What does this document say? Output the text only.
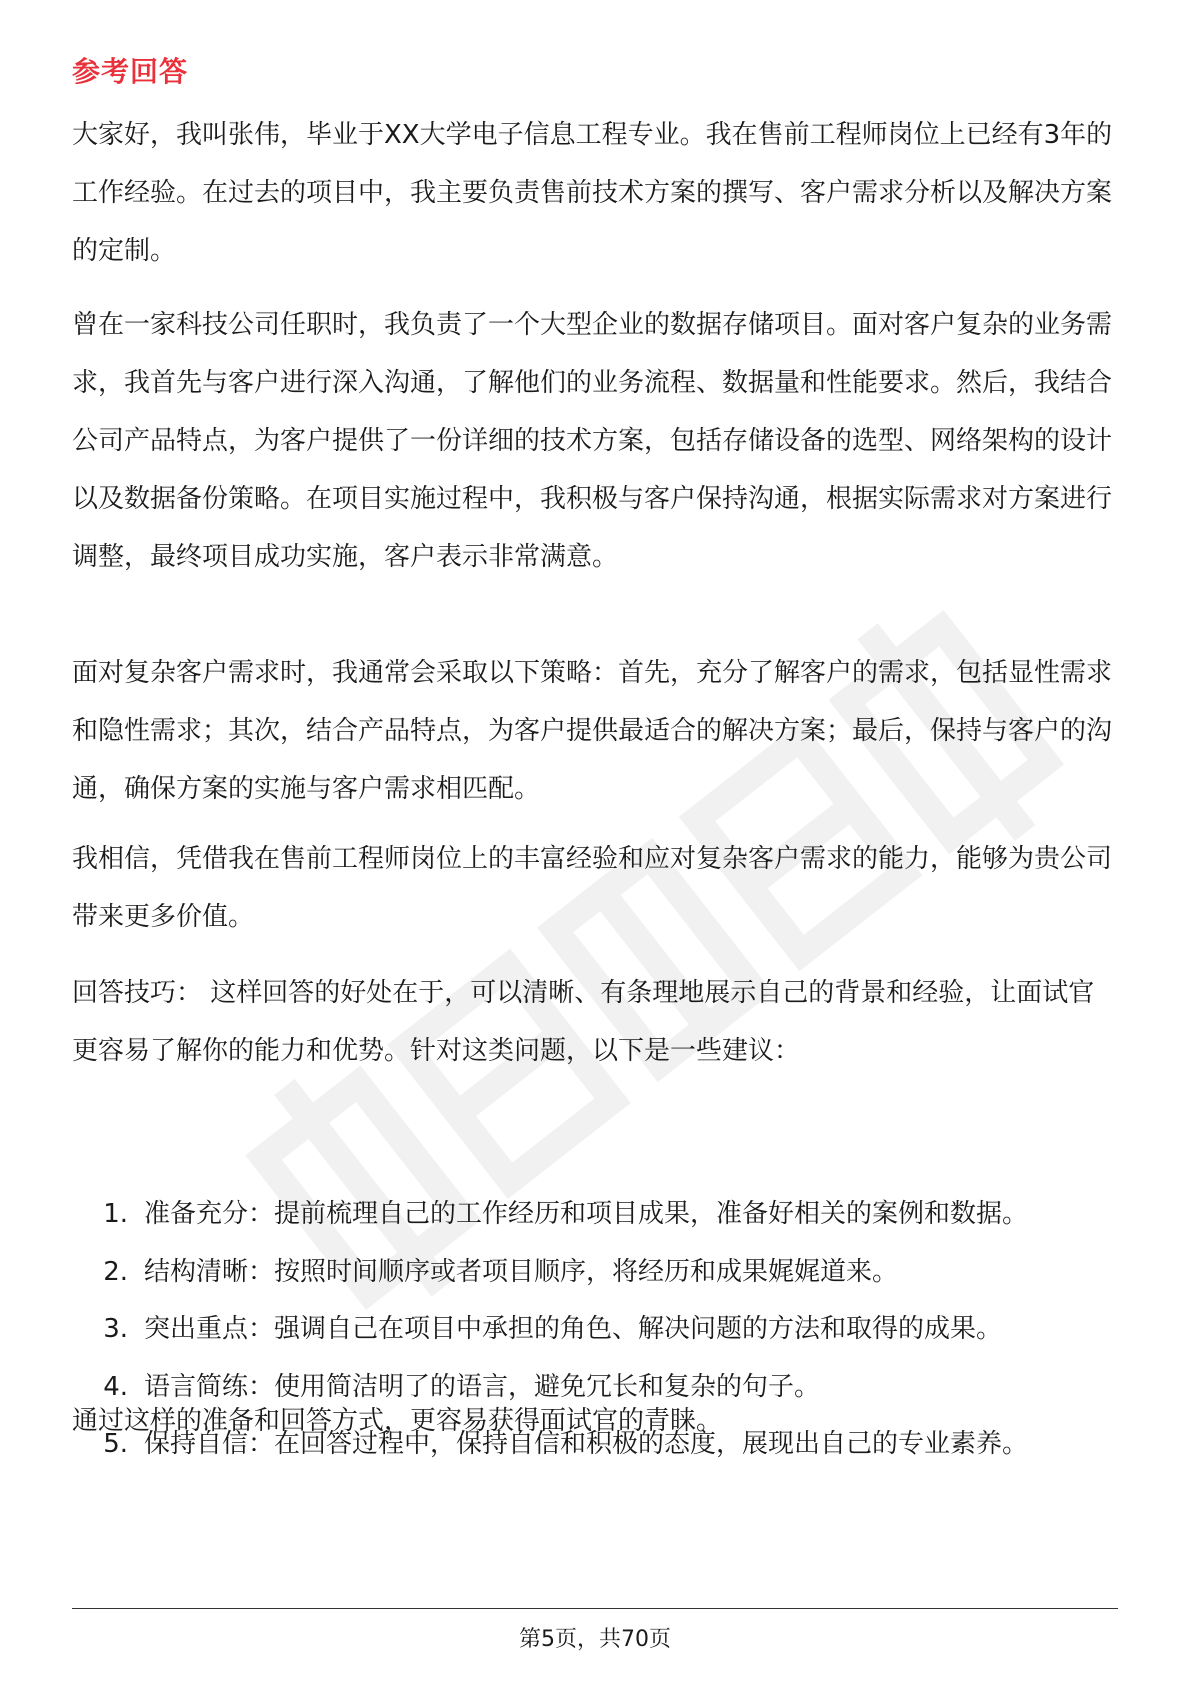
参考回答

大家好，我叫张伟，毕业于XX大学电子信息工程专业。我在售前工程师岗位上已经有3年的工作经验。在过去的项目中，我主要负责售前技术方案的撰写、客户需求分析以及解决方案的定制。

曾在一家科技公司任职时，我负责了一个大型企业的数据存储项目。面对客户复杂的业务需求，我首先与客户进行深入沟通，了解他们的业务流程、数据量和性能要求。然后，我结合公司产品特点，为客户提供了一份详细的技术方案，包括存储设备的选型、网络架构的设计以及数据备份策略。在项目实施过程中，我积极与客户保持沟通，根据实际需求对方案进行调整，最终项目成功实施，客户表示非常满意。

面对复杂客户需求时，我通常会采取以下策略：首先，充分了解客户的需求，包括显性需求和隐性需求；其次，结合产品特点，为客户提供最适合的解决方案；最后，保持与客户的沟通，确保方案的实施与客户需求相匹配。

我相信，凭借我在售前工程师岗位上的丰富经验和应对复杂客户需求的能力，能够为贵公司带来更多价值。

回答技巧： 这样回答的好处在于，可以清晰、有条理地展示自己的背景和经验，让面试官更容易了解你的能力和优势。针对这类问题，以下是一些建议：

1. 准备充分：提前梳理自己的工作经历和项目成果，准备好相关的案例和数据。
2. 结构清晰：按照时间顺序或者项目顺序，将经历和成果娓娓道来。
3. 突出重点：强调自己在项目中承担的角色、解决问题的方法和取得的成果。
4. 语言简练：使用简洁明了的语言，避免冗长和复杂的句子。
5. 保持自信：在回答过程中，保持自信和积极的态度，展现出自己的专业素养。

通过这样的准备和回答方式，更容易获得面试官的青睐。

第5页，共70页
